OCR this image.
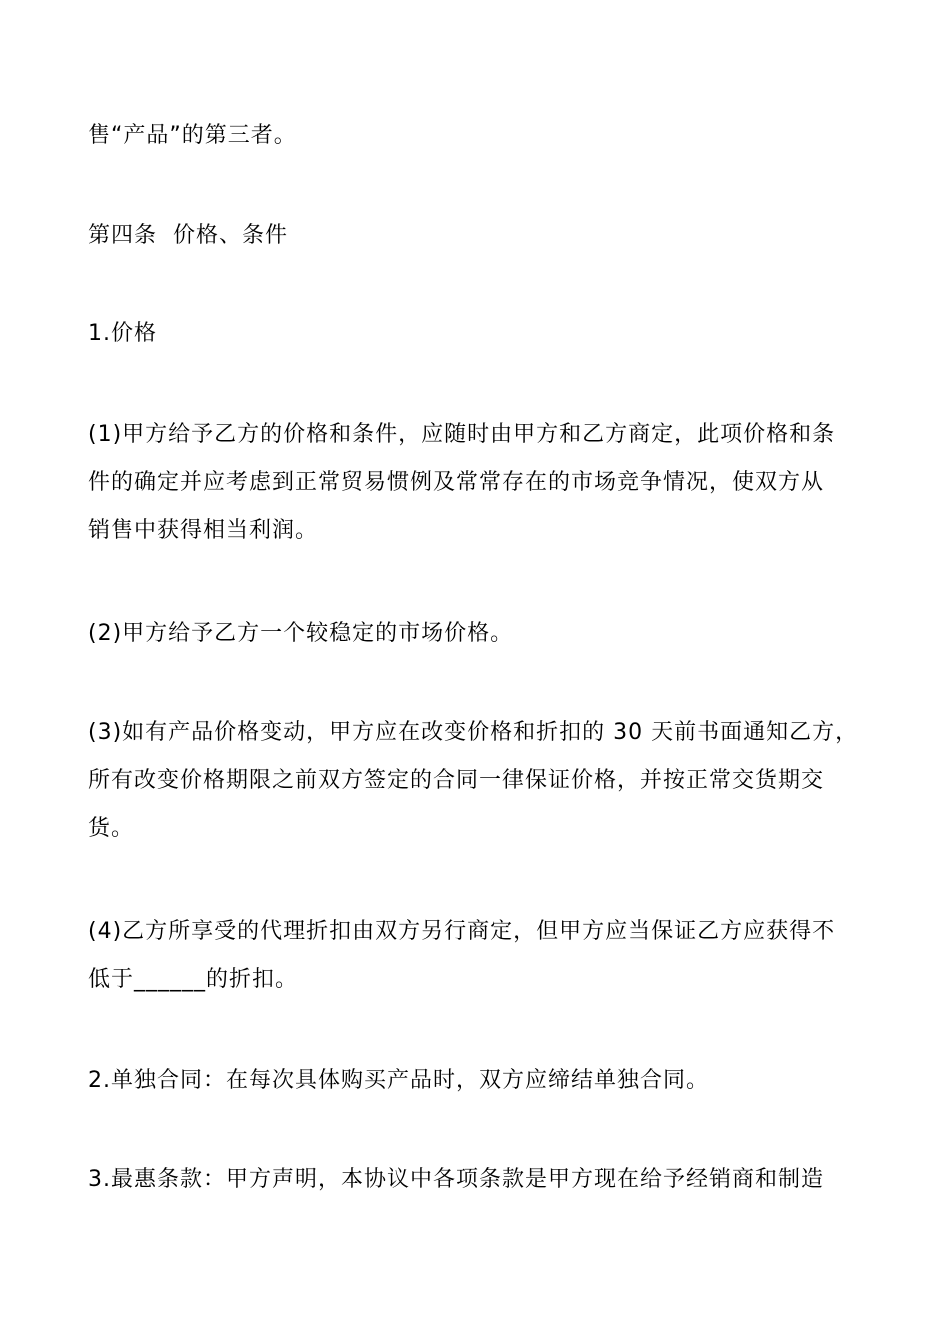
售“产品”的第三者。

第四条  价格、条件

1.价格

(1)甲方给予乙方的价格和条件，应随时由甲方和乙方商定，此项价格和条
件的确定并应考虑到正常贸易惯例及常常存在的市场竞争情况，使双方从
销售中获得相当利润。

(2)甲方给予乙方一个较稳定的市场价格。

(3)如有产品价格变动，甲方应在改变价格和折扣的 30 天前书面通知乙方，
所有改变价格期限之前双方签定的合同一律保证价格，并按正常交货期交
货。

(4)乙方所享受的代理折扣由双方另行商定，但甲方应当保证乙方应获得不
低于______的折扣。

2.单独合同：在每次具体购买产品时，双方应缔结单独合同。

3.最惠条款：甲方声明，本协议中各项条款是甲方现在给予经销商和制造
